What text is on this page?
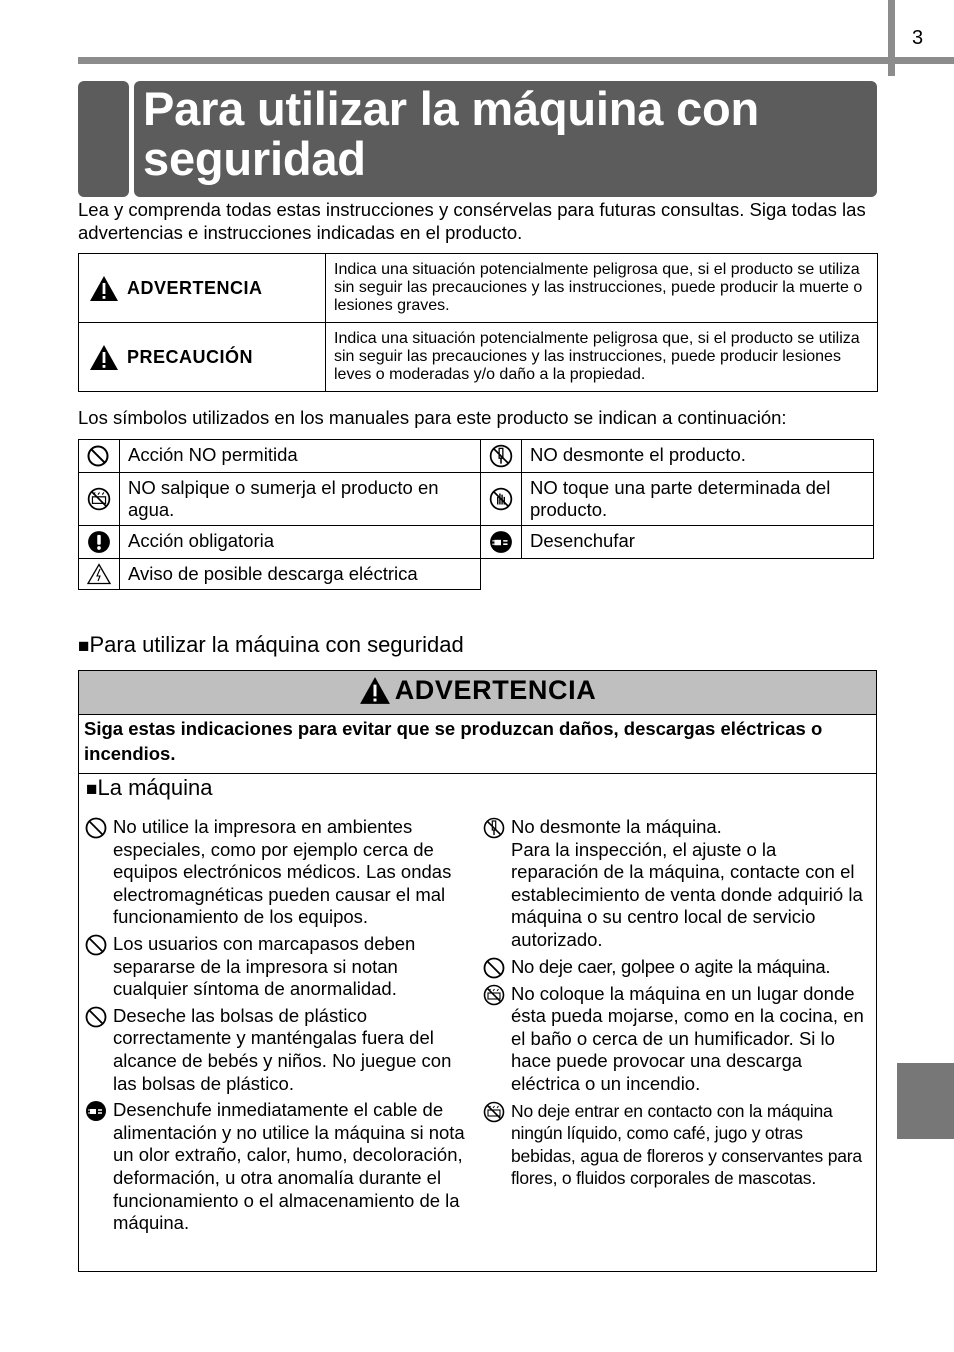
3
Para utilizar la máquina con seguridad
Lea y comprenda todas estas instrucciones y consérvelas para futuras consultas. Siga todas las advertencias e instrucciones indicadas en el producto.
ADVERTENCIA	Indica una situación potencialmente peligrosa que, si el producto se utiliza sin seguir las precauciones y las instrucciones, puede producir la muerte o lesiones graves.

PRECAUCIÓN	Indica una situación potencialmente peligrosa que, si el producto se utiliza sin seguir las precauciones y las instrucciones, puede producir lesiones leves o moderadas y/o daño a la propiedad.
Los símbolos utilizados en los manuales para este producto se indican a continuación:
	Acción NO permitida		NO desmonte el producto.

	NO salpique o sumerja el producto en agua.		NO toque una parte determinada del producto.

	Acción obligatoria		Desenchufar

	Aviso de posible descarga eléctrica		
■Para utilizar la máquina con seguridad
ADVERTENCIA
Siga estas indicaciones para evitar que se produzcan daños, descargas eléctricas o incendios.
■La máquina
No utilice la impresora en ambientes especiales, como por ejemplo cerca de equipos electrónicos médicos. Las ondas electromagnéticas pueden causar el mal funcionamiento de los equipos.
Los usuarios con marcapasos deben separarse de la impresora si notan cualquier síntoma de anormalidad.
Deseche las bolsas de plástico correctamente y manténgalas fuera del alcance de bebés y niños. No juegue con las bolsas de plástico.
Desenchufe inmediatamente el cable de alimentación y no utilice la máquina si nota un olor extraño, calor, humo, decoloración, deformación, u otra anomalía durante el funcionamiento o el almacenamiento de la máquina.
No desmonte la máquina.
Para la inspección, el ajuste o la reparación de la máquina, contacte con el establecimiento de venta donde adquirió la máquina o su centro local de servicio autorizado.
No deje caer, golpee o agite la máquina.
No coloque la máquina en un lugar donde ésta pueda mojarse, como en la cocina, en el baño o cerca de un humificador. Si lo hace puede provocar una descarga eléctrica o un incendio.
No deje entrar en contacto con la máquina ningún líquido, como café, jugo y otras bebidas, agua de floreros y conservantes para flores, o fluidos corporales de mascotas.
